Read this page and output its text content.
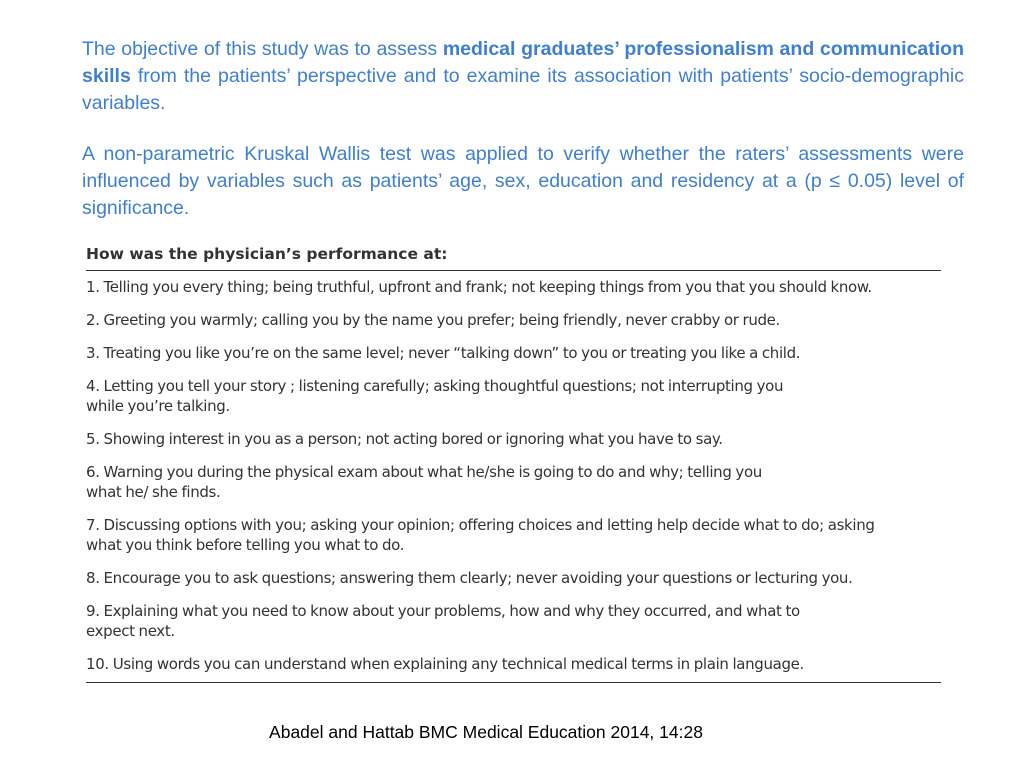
The objective of this study was to assess medical graduates’ professionalism and communication skills from the patients’ perspective and to examine its association with patients’ socio-demographic variables.

A non-parametric Kruskal Wallis test was applied to verify whether the raters’ assessments were influenced by variables such as patients’ age, sex, education and residency at a (p ≤ 0.05) level of significance.

How was the physician’s performance at:
1. Telling you every thing; being truthful, upfront and frank; not keeping things from you that you should know.
2. Greeting you warmly; calling you by the name you prefer; being friendly, never crabby or rude.
3. Treating you like you’re on the same level; never “talking down” to you or treating you like a child.
4. Letting you tell your story ; listening carefully; asking thoughtful questions; not interrupting you
while you’re talking.
5. Showing interest in you as a person; not acting bored or ignoring what you have to say.
6. Warning you during the physical exam about what he/she is going to do and why; telling you
what he/ she finds.
7. Discussing options with you; asking your opinion; offering choices and letting help decide what to do; asking
what you think before telling you what to do.
8. Encourage you to ask questions; answering them clearly; never avoiding your questions or lecturing you.
9. Explaining what you need to know about your problems, how and why they occurred, and what to
expect next.
10. Using words you can understand when explaining any technical medical terms in plain language.
Abadel and Hattab BMC Medical Education 2014, 14:28
